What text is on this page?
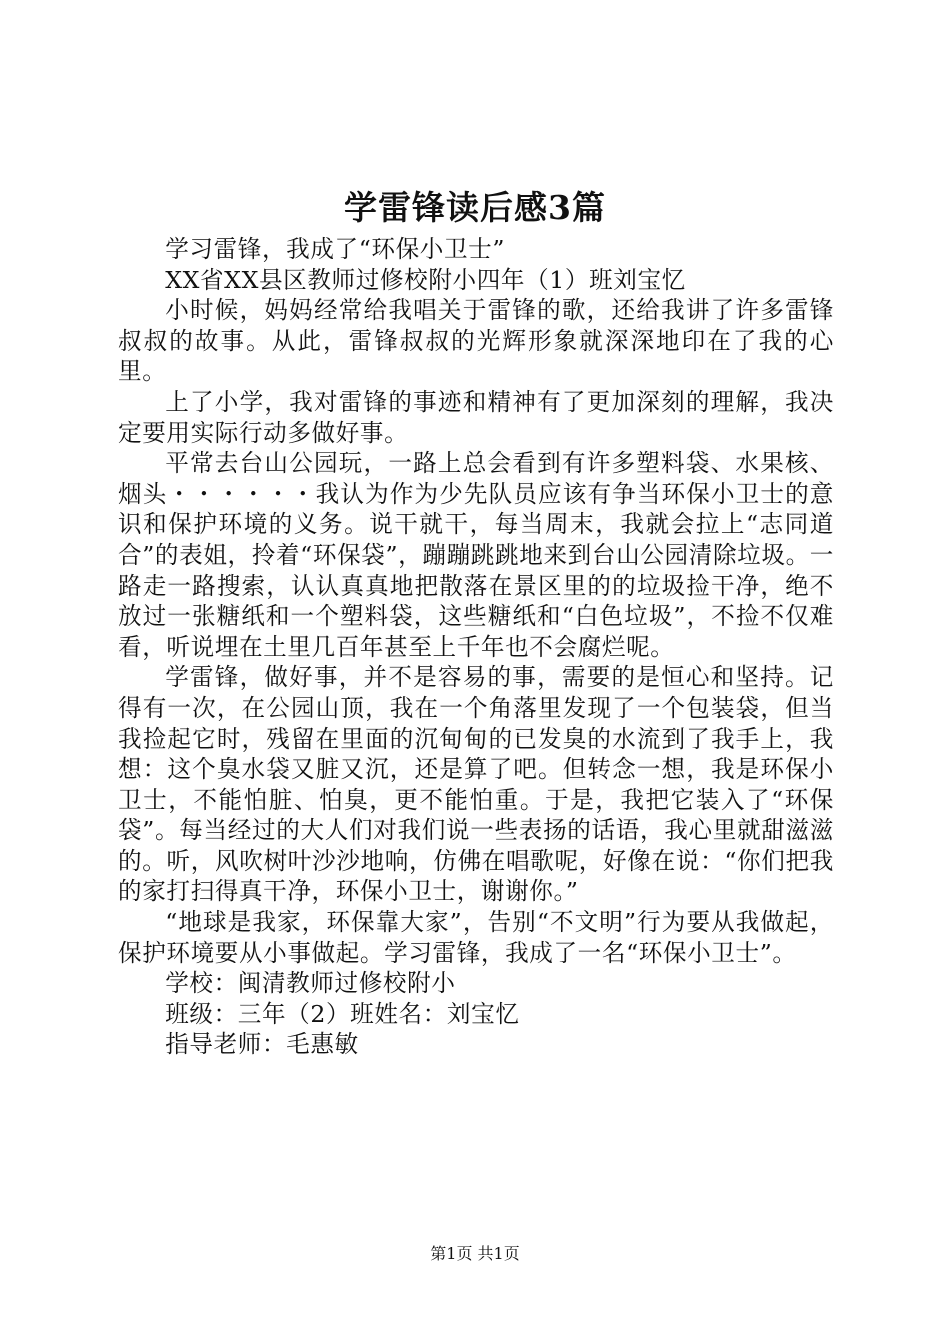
学雷锋读后感3篇

学习雷锋，我成了“环保小卫士”

XX省XX县区教师过修校附小四年（1）班刘宝忆

小时候，妈妈经常给我唱关于雷锋的歌，还给我讲了许多雷锋叔叔的故事。从此，雷锋叔叔的光辉形象就深深地印在了我的心里。

上了小学，我对雷锋的事迹和精神有了更加深刻的理解，我决定要用实际行动多做好事。

平常去台山公园玩，一路上总会看到有许多塑料袋、水果核、烟头・・・・・・我认为作为少先队员应该有争当环保小卫士的意识和保护环境的义务。说干就干，每当周末，我就会拉上“志同道合”的表姐，拎着“环保袋”，蹦蹦跳跳地来到台山公园清除垃圾。一路走一路搜索，认认真真地把散落在景区里的的垃圾捡干净，绝不放过一张糖纸和一个塑料袋，这些糖纸和“白色垃圾”，不捡不仅难看，听说埋在土里几百年甚至上千年也不会腐烂呢。

学雷锋，做好事，并不是容易的事，需要的是恒心和坚持。记得有一次，在公园山顶，我在一个角落里发现了一个包装袋，但当我捡起它时，残留在里面的沉甸甸的已发臭的水流到了我手上，我想：这个臭水袋又脏又沉，还是算了吧。但转念一想，我是环保小卫士，不能怕脏、怕臭，更不能怕重。于是，我把它装入了“环保袋”。每当经过的大人们对我们说一些表扬的话语，我心里就甜滋滋的。听，风吹树叶沙沙地响，仿佛在唱歌呢，好像在说：“你们把我的家打扫得真干净，环保小卫士，谢谢你。”

“地球是我家，环保靠大家”，告别“不文明”行为要从我做起，保护环境要从小事做起。学习雷锋，我成了一名“环保小卫士”。

学校：闽清教师过修校附小

班级：三年（2）班姓名：刘宝忆

指导老师：毛惠敏

第1页 共1页
